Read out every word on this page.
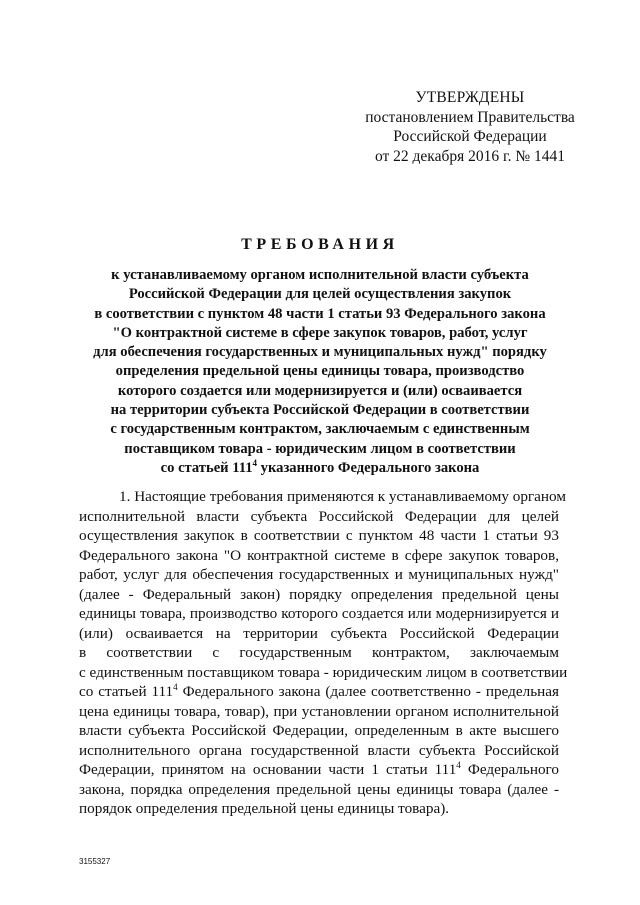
УТВЕРЖДЕНЫ
постановлением Правительства
Российской Федерации
от 22 декабря 2016 г. № 1441
ТРЕБОВАНИЯ
к устанавливаемому органом исполнительной власти субъекта
Российской Федерации для целей осуществления закупок
в соответствии с пунктом 48 части 1 статьи 93 Федерального закона
"О контрактной системе в сфере закупок товаров, работ, услуг
для обеспечения государственных и муниципальных нужд" порядку
определения предельной цены единицы товара, производство
которого создается или модернизируется и (или) осваивается
на территории субъекта Российской Федерации в соответствии
с государственным контрактом, заключаемым с единственным
поставщиком товара - юридическим лицом в соответствии
со статьей $111^4$ указанного Федерального закона
1. Настоящие требования применяются к устанавливаемому органом
исполнительной власти субъекта Российской Федерации для целей
осуществления закупок в соответствии с пунктом 48 части 1 статьи 93
Федерального закона "О контрактной системе в сфере закупок товаров,
работ, услуг для обеспечения государственных и муниципальных нужд"
(далее - Федеральный закон) порядку определения предельной цены
единицы товара, производство которого создается или модернизируется и
(или) осваивается на территории субъекта Российской Федерации
в соответствии с государственным контрактом, заключаемым
с единственным поставщиком товара - юридическим лицом в соответствии
со статьей $111^4$ Федерального закона (далее соответственно - предельная
цена единицы товара, товар), при установлении органом исполнительной
власти субъекта Российской Федерации, определенным в акте высшего
исполнительного органа государственной власти субъекта Российской
Федерации, принятом на основании части 1 статьи $111^4$ Федерального
закона, порядка определения предельной цены единицы товара (далее -
порядок определения предельной цены единицы товара).
3155327
